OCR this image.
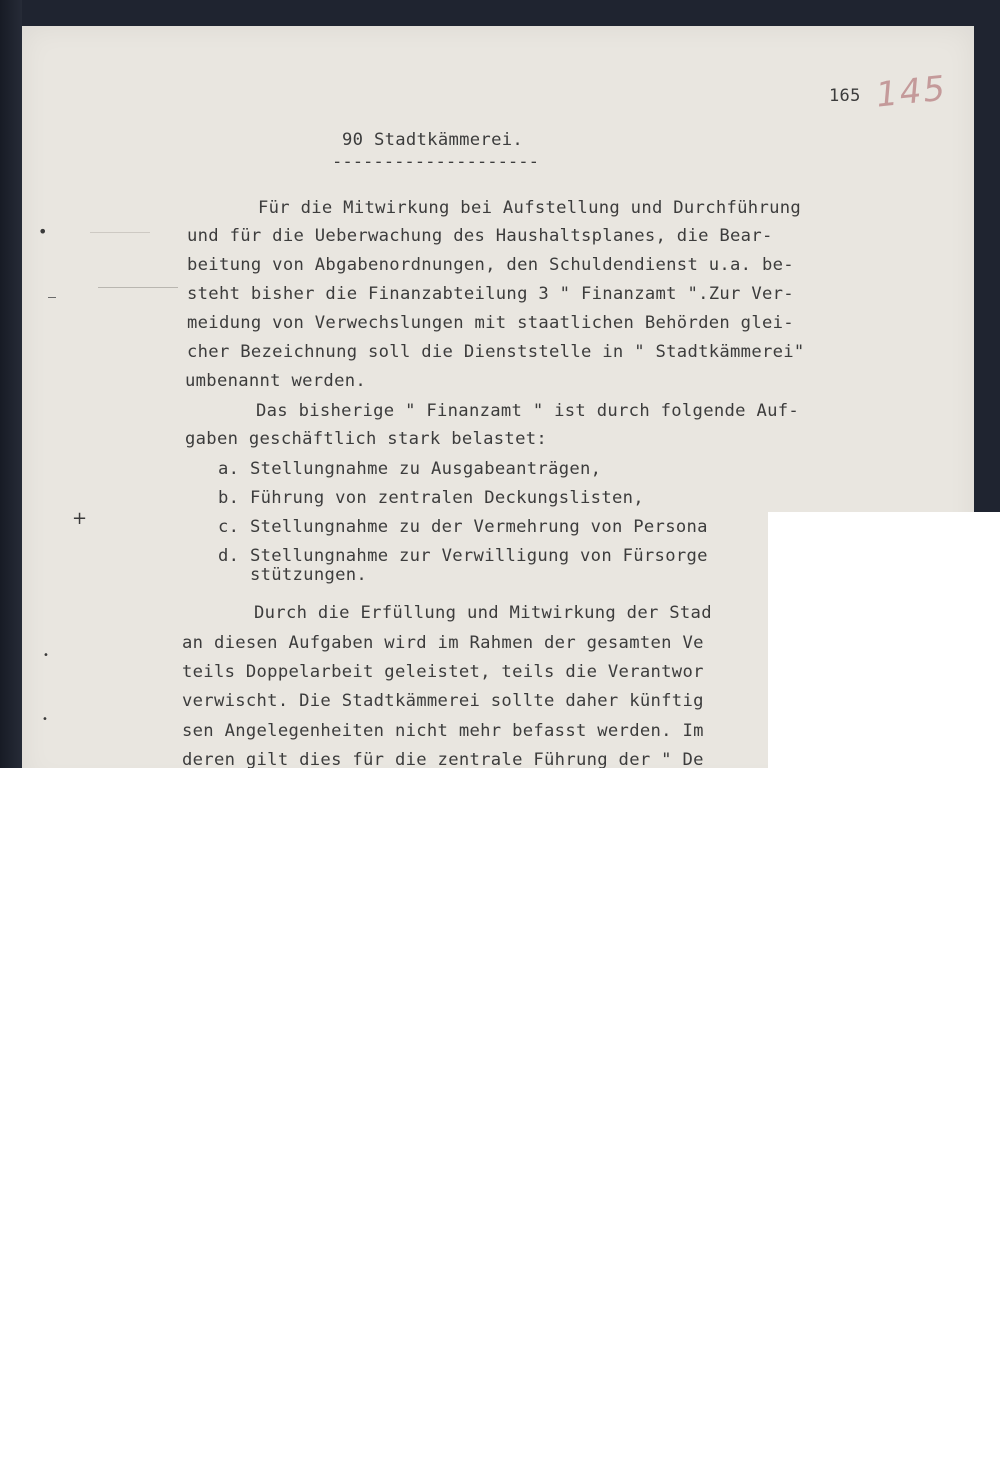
165 145
90 Stadtkämmerei.
--------------------
Für die Mitwirkung bei Aufstellung und Durchführung
und für die Ueberwachung des Haushaltsplanes, die Bear-
beitung von Abgabenordnungen, den Schuldendienst u.a. be-
steht bisher die Finanzabteilung 3 " Finanzamt ".Zur Ver-
meidung von Verwechslungen mit staatlichen Behörden glei-
cher Bezeichnung soll die Dienststelle in " Stadtkämmerei"
umbenannt werden.
Das bisherige " Finanzamt " ist durch folgende Auf-
gaben geschäftlich stark belastet:
a. Stellungnahme zu Ausgabeanträgen,
b. Führung von zentralen Deckungslisten,
c. Stellungnahme zu der Vermehrung von Persona
d. Stellungnahme zur Verwilligung von Fürsorge
stützungen.
Durch die Erfüllung und Mitwirkung der Stad
an diesen Aufgaben wird im Rahmen der gesamten Ve
teils Doppelarbeit geleistet, teils die Verantwor
verwischt. Die Stadtkämmerei sollte daher künftig
sen Angelegenheiten nicht mehr befasst werden. Im
deren gilt dies für die zentrale Führung der " De
•
+
•
•
